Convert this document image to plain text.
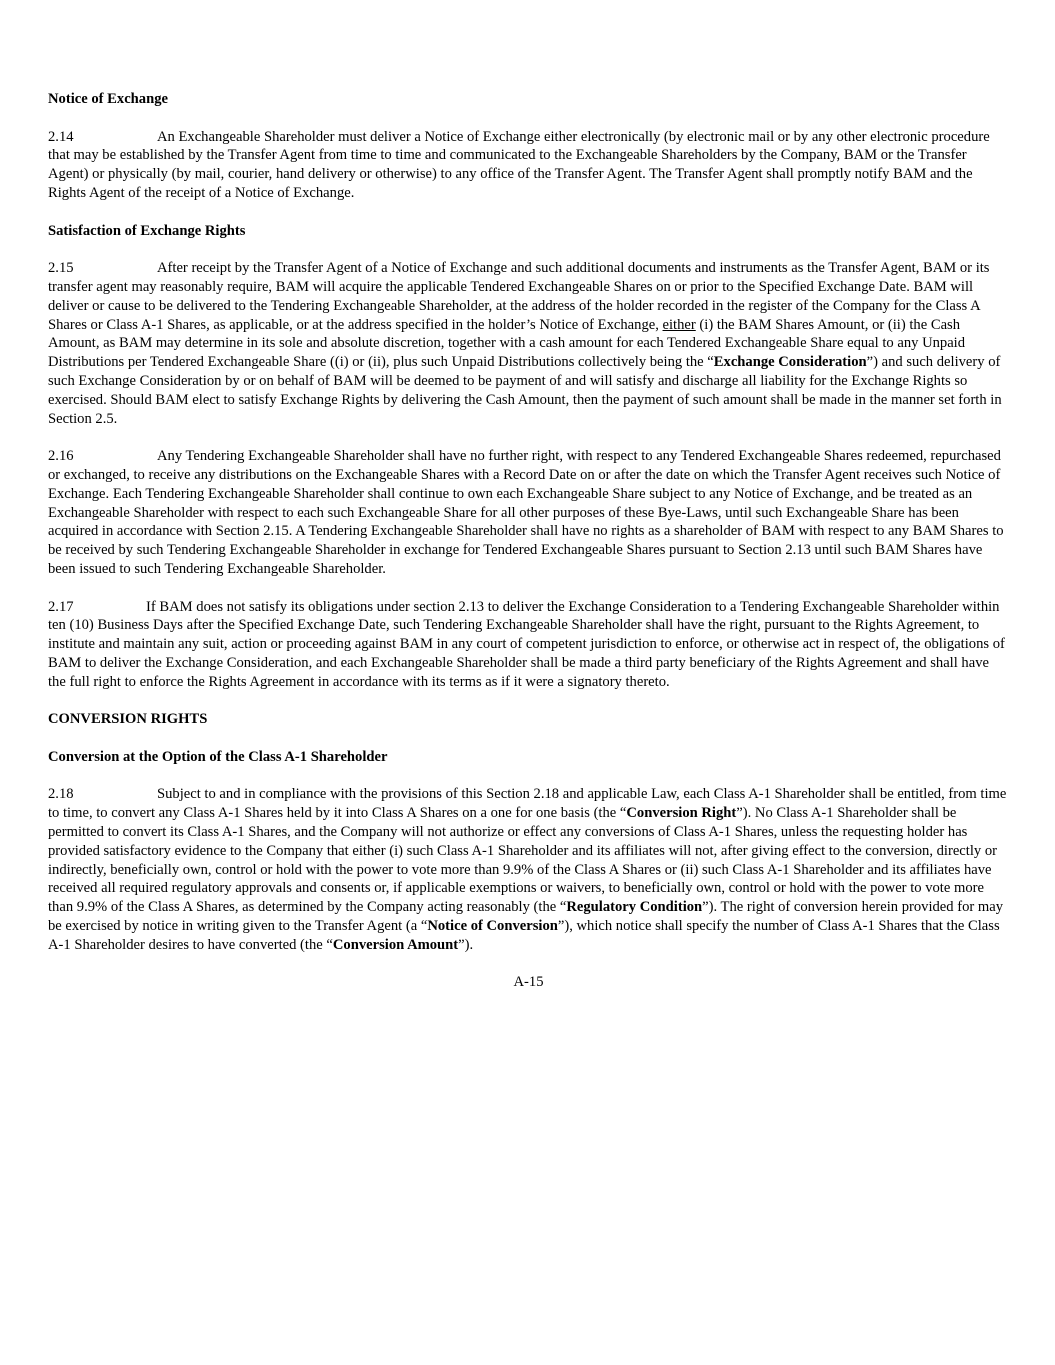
Notice of Exchange

2.14	An Exchangeable Shareholder must deliver a Notice of Exchange either electronically (by electronic mail or by any other electronic procedure that may be established by the Transfer Agent from time to time and communicated to the Exchangeable Shareholders by the Company, BAM or the Transfer Agent) or physically (by mail, courier, hand delivery or otherwise) to any office of the Transfer Agent. The Transfer Agent shall promptly notify BAM and the Rights Agent of the receipt of a Notice of Exchange.

Satisfaction of Exchange Rights

2.15	After receipt by the Transfer Agent of a Notice of Exchange and such additional documents and instruments as the Transfer Agent, BAM or its transfer agent may reasonably require, BAM will acquire the applicable Tendered Exchangeable Shares on or prior to the Specified Exchange Date. BAM will deliver or cause to be delivered to the Tendering Exchangeable Shareholder, at the address of the holder recorded in the register of the Company for the Class A Shares or Class A-1 Shares, as applicable, or at the address specified in the holder’s Notice of Exchange, either (i) the BAM Shares Amount, or (ii) the Cash Amount, as BAM may determine in its sole and absolute discretion, together with a cash amount for each Tendered Exchangeable Share equal to any Unpaid Distributions per Tendered Exchangeable Share ((i) or (ii), plus such Unpaid Distributions collectively being the “Exchange Consideration”) and such delivery of such Exchange Consideration by or on behalf of BAM will be deemed to be payment of and will satisfy and discharge all liability for the Exchange Rights so exercised. Should BAM elect to satisfy Exchange Rights by delivering the Cash Amount, then the payment of such amount shall be made in the manner set forth in Section 2.5.

2.16	Any Tendering Exchangeable Shareholder shall have no further right, with respect to any Tendered Exchangeable Shares redeemed, repurchased or exchanged, to receive any distributions on the Exchangeable Shares with a Record Date on or after the date on which the Transfer Agent receives such Notice of Exchange. Each Tendering Exchangeable Shareholder shall continue to own each Exchangeable Share subject to any Notice of Exchange, and be treated as an Exchangeable Shareholder with respect to each such Exchangeable Share for all other purposes of these Bye-Laws, until such Exchangeable Share has been acquired in accordance with Section 2.15. A Tendering Exchangeable Shareholder shall have no rights as a shareholder of BAM with respect to any BAM Shares to be received by such Tendering Exchangeable Shareholder in exchange for Tendered Exchangeable Shares pursuant to Section 2.13 until such BAM Shares have been issued to such Tendering Exchangeable Shareholder.

2.17	If BAM does not satisfy its obligations under section 2.13 to deliver the Exchange Consideration to a Tendering Exchangeable Shareholder within ten (10) Business Days after the Specified Exchange Date, such Tendering Exchangeable Shareholder shall have the right, pursuant to the Rights Agreement, to institute and maintain any suit, action or proceeding against BAM in any court of competent jurisdiction to enforce, or otherwise act in respect of, the obligations of BAM to deliver the Exchange Consideration, and each Exchangeable Shareholder shall be made a third party beneficiary of the Rights Agreement and shall have the full right to enforce the Rights Agreement in accordance with its terms as if it were a signatory thereto.

CONVERSION RIGHTS
Conversion at the Option of the Class A-1 Shareholder

2.18	Subject to and in compliance with the provisions of this Section 2.18 and applicable Law, each Class A-1 Shareholder shall be entitled, from time to time, to convert any Class A-1 Shares held by it into Class A Shares on a one for one basis (the “Conversion Right”). No Class A-1 Shareholder shall be permitted to convert its Class A-1 Shares, and the Company will not authorize or effect any conversions of Class A-1 Shares, unless the requesting holder has provided satisfactory evidence to the Company that either (i) such Class A-1 Shareholder and its affiliates will not, after giving effect to the conversion, directly or indirectly, beneficially own, control or hold with the power to vote more than 9.9% of the Class A Shares or (ii) such Class A-1 Shareholder and its affiliates have received all required regulatory approvals and consents or, if applicable exemptions or waivers, to beneficially own, control or hold with the power to vote more than 9.9% of the Class A Shares, as determined by the Company acting reasonably (the “Regulatory Condition”). The right of conversion herein provided for may be exercised by notice in writing given to the Transfer Agent (a “Notice of Conversion”), which notice shall specify the number of Class A-1 Shares that the Class A-1 Shareholder desires to have converted (the “Conversion Amount”).

A-15
